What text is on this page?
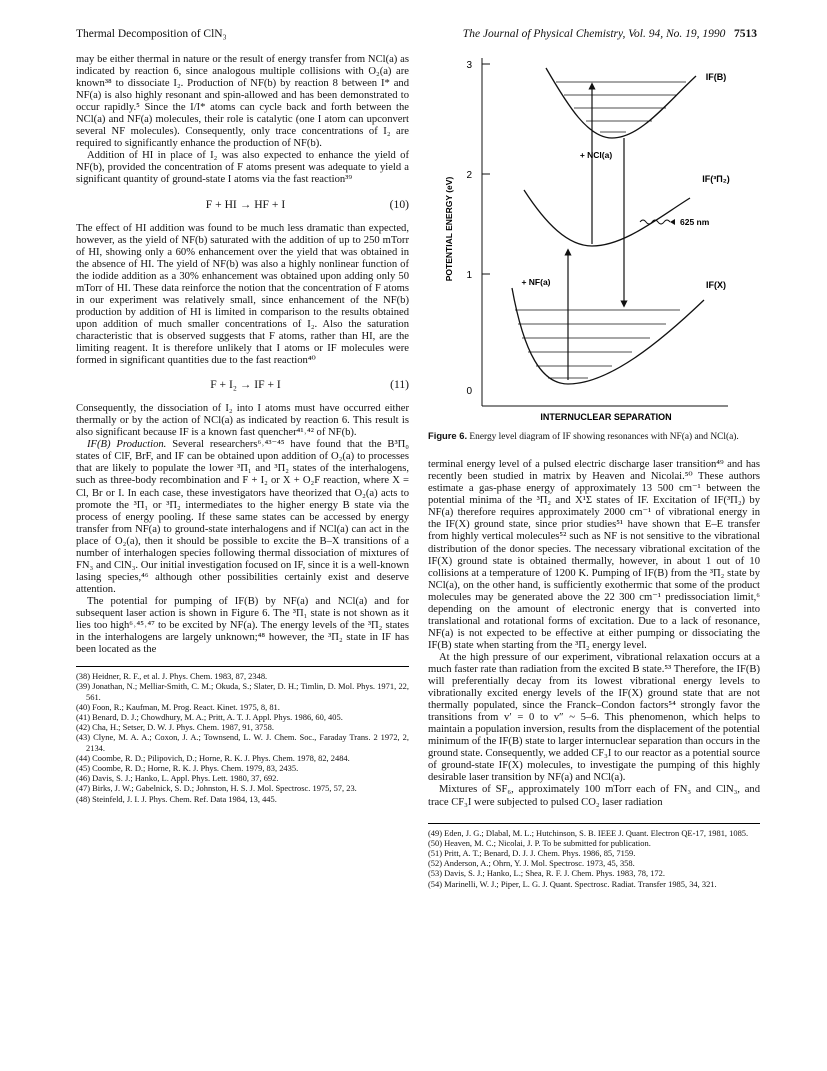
Thermal Decomposition of ClN₃	The Journal of Physical Chemistry, Vol. 94, No. 19, 1990 7513

may be either thermal in nature or the result of energy transfer from NCl(a) as indicated by reaction 6, since analogous multiple collisions with O₂(a) are known³⁸ to dissociate I₂. Production of NF(b) by reaction 8 between I* and NF(a) is also highly resonant and spin-allowed and has been demonstrated to occur rapidly.⁵ Since the I/I* atoms can cycle back and forth between the NCl(a) and NF(a) molecules, their role is catalytic (one I atom can upconvert several NF molecules). Consequently, only trace concentrations of I₂ are required to significantly enhance the production of NF(b).

Addition of HI in place of I₂ was also expected to enhance the yield of NF(b), provided the concentration of F atoms present was adequate to yield a significant quantity of ground-state I atoms via the fast reaction³⁹

F + HI → HF + I	(10)

The effect of HI addition was found to be much less dramatic than expected, however, as the yield of NF(b) saturated with the addition of up to 250 mTorr of HI, showing only a 60% enhancement over the yield that was obtained in the absence of HI. The yield of NF(b) was also a highly nonlinear function of the iodide addition as a 30% enhancement was obtained upon adding only 50 mTorr of HI. These data reinforce the notion that the concentration of F atoms in our experiment was relatively small, since enhancement of the NF(b) production by addition of HI is limited in comparison to the results obtained upon addition of much smaller concentrations of I₂. Also the saturation characteristic that is observed suggests that F atoms, rather than HI, are the limiting reagent. It is therefore unlikely that I atoms or IF molecules were formed in significant quantities due to the fast reaction⁴⁰

F + I₂ → IF + I	(11)

Consequently, the dissociation of I₂ into I atoms must have occurred either thermally or by the action of NCl(a) as indicated by reaction 6. This result is also significant because IF is a known fast quencher⁴¹˒⁴² of NF(b).

IF(B) Production. Several researchers⁶˒⁴³⁻⁴⁵ have found that the B³Π₀ states of ClF, BrF, and IF can be obtained upon addition of O₂(a) to processes that are likely to populate the lower ³Π₁ and ³Π₂ states of the interhalogens, such as three-body recombination and F + I₂ or X + O₂F reaction, where X = Cl, Br or I. In each case, these investigators have theorized that O₂(a) acts to promote the ³Π₁ or ³Π₂ intermediates to the higher energy B state via the process of energy pooling. If these same states can be accessed by energy transfer from NF(a) to ground-state interhalogens and if NCl(a) can act in the place of O₂(a), then it should be possible to excite the B–X transitions of a number of interhalogen species following thermal dissociation of mixtures of FN₃ and ClN₃. Our initial investigation focused on IF, since it is a well-known lasing species,⁴⁶ although other possibilities certainly exist and deserve attention.

The potential for pumping of IF(B) by NF(a) and NCl(a) and for subsequent laser action is shown in Figure 6. The ³Π₁ state is not shown as it lies too high⁶˒⁴⁵˒⁴⁷ to be excited by NF(a). The energy levels of the ³Π₂ states in the interhalogens are largely unknown;⁴⁸ however, the ³Π₂ state in IF has been located as the

(38) Heidner, R. F., et al. J. Phys. Chem. 1983, 87, 2348.
(39) Jonathan, N.; Melliar-Smith, C. M.; Okuda, S.; Slater, D. H.; Timlin, D. Mol. Phys. 1971, 22, 561.
(40) Foon, R.; Kaufman, M. Prog. React. Kinet. 1975, 8, 81.
(41) Benard, D. J.; Chowdhury, M. A.; Pritt, A. T. J. Appl. Phys. 1986, 60, 405.
(42) Cha, H.; Setser, D. W. J. Phys. Chem. 1987, 91, 3758.
(43) Clyne, M. A. A.; Coxon, J. A.; Townsend, L. W. J. Chem. Soc., Faraday Trans. 2 1972, 2, 2134.
(44) Coombe, R. D.; Pilipovich, D.; Horne, R. K. J. Phys. Chem. 1978, 82, 2484.
(45) Coombe, R. D.; Horne, R. K. J. Phys. Chem. 1979, 83, 2435.
(46) Davis, S. J.; Hanko, L. Appl. Phys. Lett. 1980, 37, 692.
(47) Birks, J. W.; Gabelnick, S. D.; Johnston, H. S. J. Mol. Spectrosc. 1975, 57, 23.
(48) Steinfeld, J. I. J. Phys. Chem. Ref. Data 1984, 13, 445.
3
2
1
0
POTENTIAL ENERGY (eV)
INTERNUCLEAR SEPARATION
IF(B)
IF(³Π₂)
IF(X)
+ NCl(a)
+ NF(a)
625 nm

Figure 6. Energy level diagram of IF showing resonances with NF(a) and NCl(a).

terminal energy level of a pulsed electric discharge laser transition⁴⁹ and has recently been studied in matrix by Heaven and Nicolai.⁵⁰ These authors estimate a gas-phase energy of approximately 13 500 cm⁻¹ between the potential minima of the ³Π₂ and X¹Σ states of IF. Excitation of IF(³Π₂) by NF(a) therefore requires approximately 2000 cm⁻¹ of vibrational energy in the IF(X) ground state, since prior studies⁵¹ have shown that E–E transfer from highly vertical molecules⁵² such as NF is not sensitive to the vibrational distribution of the donor species. The necessary vibrational excitation of the IF(X) ground state is obtained thermally, however, in about 1 out of 10 collisions at a temperature of 1200 K. Pumping of IF(B) from the ³Π₂ state by NCl(a), on the other hand, is sufficiently exothermic that some of the product molecules may be generated above the 22 300 cm⁻¹ predissociation limit,⁶ depending on the amount of electronic energy that is converted into translational and rotational forms of excitation. Due to a lack of resonance, NF(a) is not expected to be effective at either pumping or dissociating the IF(B) state when starting from the ³Π₂ energy level.

At the high pressure of our experiment, vibrational relaxation occurs at a much faster rate than radiation from the excited B state.⁵³ Therefore, the IF(B) will preferentially decay from its lowest vibrational energy levels to vibrationally excited energy levels of the IF(X) ground state that are not thermally populated, since the Franck–Condon factors⁵⁴ strongly favor the transitions from v′ = 0 to v″ ~ 5–6. This phenomenon, which helps to maintain a population inversion, results from the displacement of the potential minimum of the IF(B) state to larger internuclear separation than occurs in the ground state. Consequently, we added CF₃I to our reactor as a potential source of ground-state IF(X) molecules, to investigate the pumping of this highly desirable laser transition by NF(a) and NCl(a).

Mixtures of SF₆, approximately 100 mTorr each of FN₃ and ClN₃, and trace CF₃I were subjected to pulsed CO₂ laser radiation

(49) Eden, J. G.; Dlabal, M. L.; Hutchinson, S. B. IEEE J. Quant. Electron QE-17, 1981, 1085.
(50) Heaven, M. C.; Nicolai, J. P. To be submitted for publication.
(51) Pritt, A. T.; Benard, D. J. J. Chem. Phys. 1986, 85, 7159.
(52) Anderson, A.; Ohrn, Y. J. Mol. Spectrosc. 1973, 45, 358.
(53) Davis, S. J.; Hanko, L.; Shea, R. F. J. Chem. Phys. 1983, 78, 172.
(54) Marinelli, W. J.; Piper, L. G. J. Quant. Spectrosc. Radiat. Transfer 1985, 34, 321.
